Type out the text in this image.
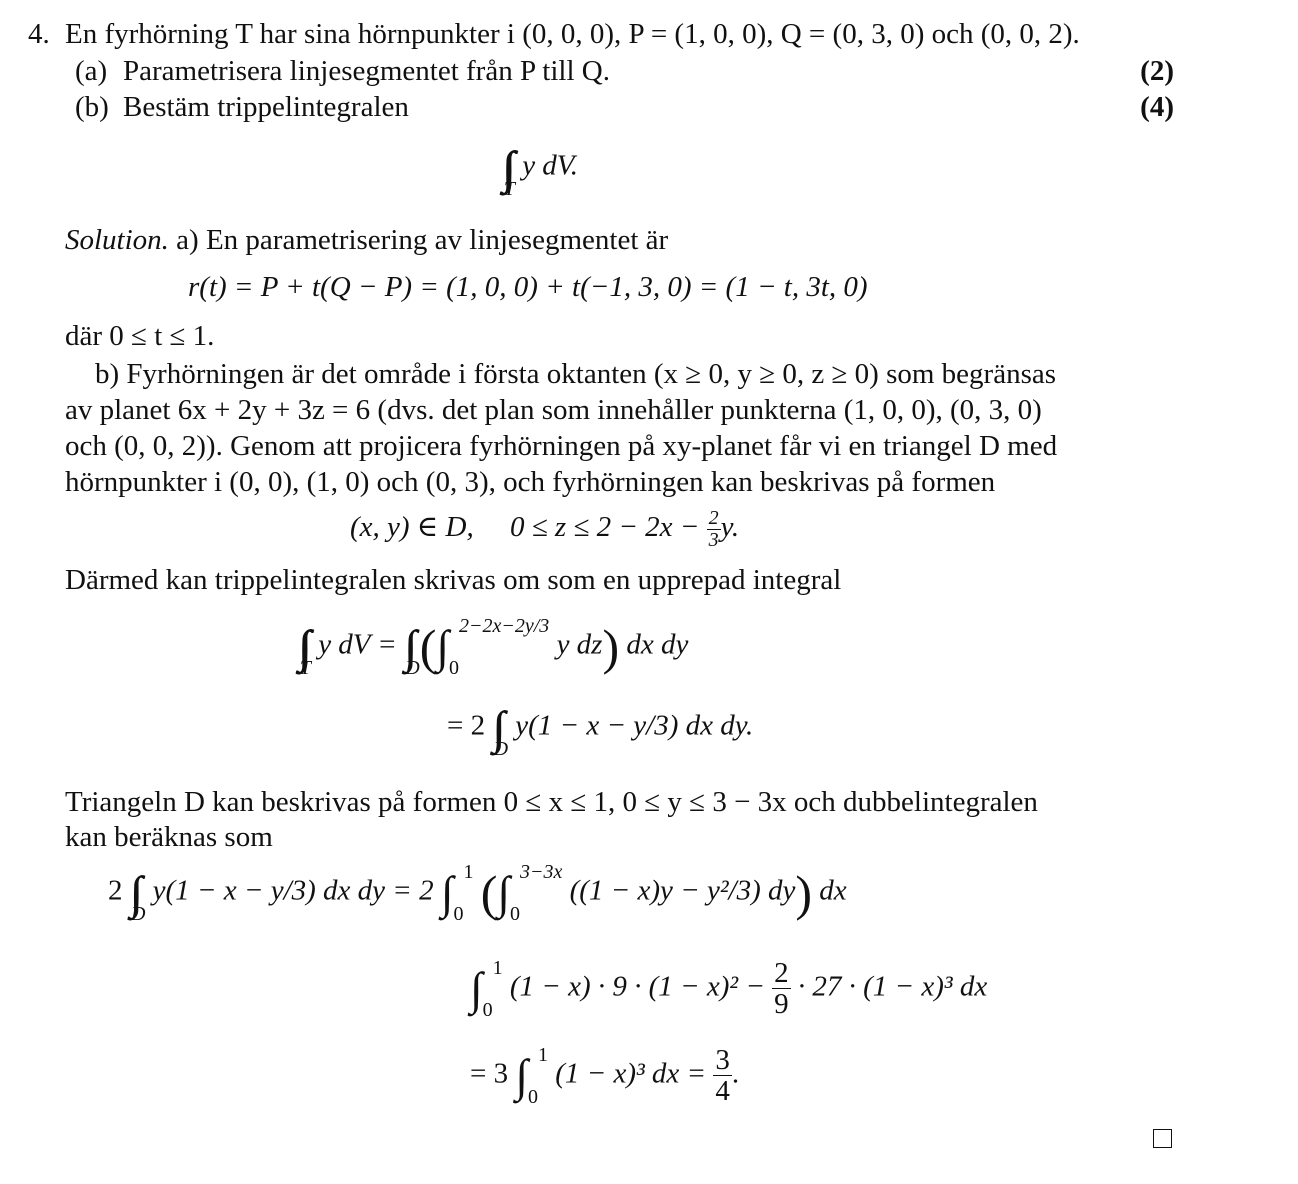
4. En fyrhörning T har sina hörnpunkter i (0, 0, 0), P = (1, 0, 0), Q = (0, 3, 0) och (0, 0, 2).
(a) Parametrisera linjesegmentet från P till Q.	(2)
(b) Bestäm trippelintegralen	(4)
$\int\int\int_T$ y dV.
Solution. a) En parametrisering av linjesegmentet är
r(t) = P + t(Q − P) = (1, 0, 0) + t(−1, 3, 0) = (1 − t, 3t, 0)
där 0 ≤ t ≤ 1.
b) Fyrhörningen är det område i första oktanten (x ≥ 0, y ≥ 0, z ≥ 0) som begränsas
av planet 6x + 2y + 3z = 6 (dvs. det plan som innehåller punkterna (1, 0, 0), (0, 3, 0)
och (0, 0, 2)). Genom att projicera fyrhörningen på xy-planet får vi en triangel D med
hörnpunkter i (0, 0), (1, 0) och (0, 3), och fyrhörningen kan beskrivas på formen
(x, y) ∈ D, $0 \le z \le 2 - 2x - \frac{2}{3} y$.
Därmed kan trippelintegralen skrivas om som en upprepad integral
$\int\int\int_T$ y dV = $\int\int_D(\int_0^{2-2x-2y/3}$ y dz) dx dy
= 2 $\int\int_D$ y(1 − x − y/3) dx dy.
Triangeln D kan beskrivas på formen 0 ≤ x ≤ 1, 0 ≤ y ≤ 3 − 3x och dubbelintegralen
kan beräknas som
2 $\int\int_D$ y(1 − x − y/3) dx dy = 2 $\int_0^1$ ($\int_0^{3-3x}$ ((1 − x)y − y²/3) dy) dx
$\int_0^1$ $(1 - x) \cdot 9 \cdot (1 - x)^2 - \frac{2}{9} \cdot 27 \cdot (1 - x)^3$ dx
= 3 $\int_0^1$ (1 − x)³ dx = $\frac{3}{4}$ .
